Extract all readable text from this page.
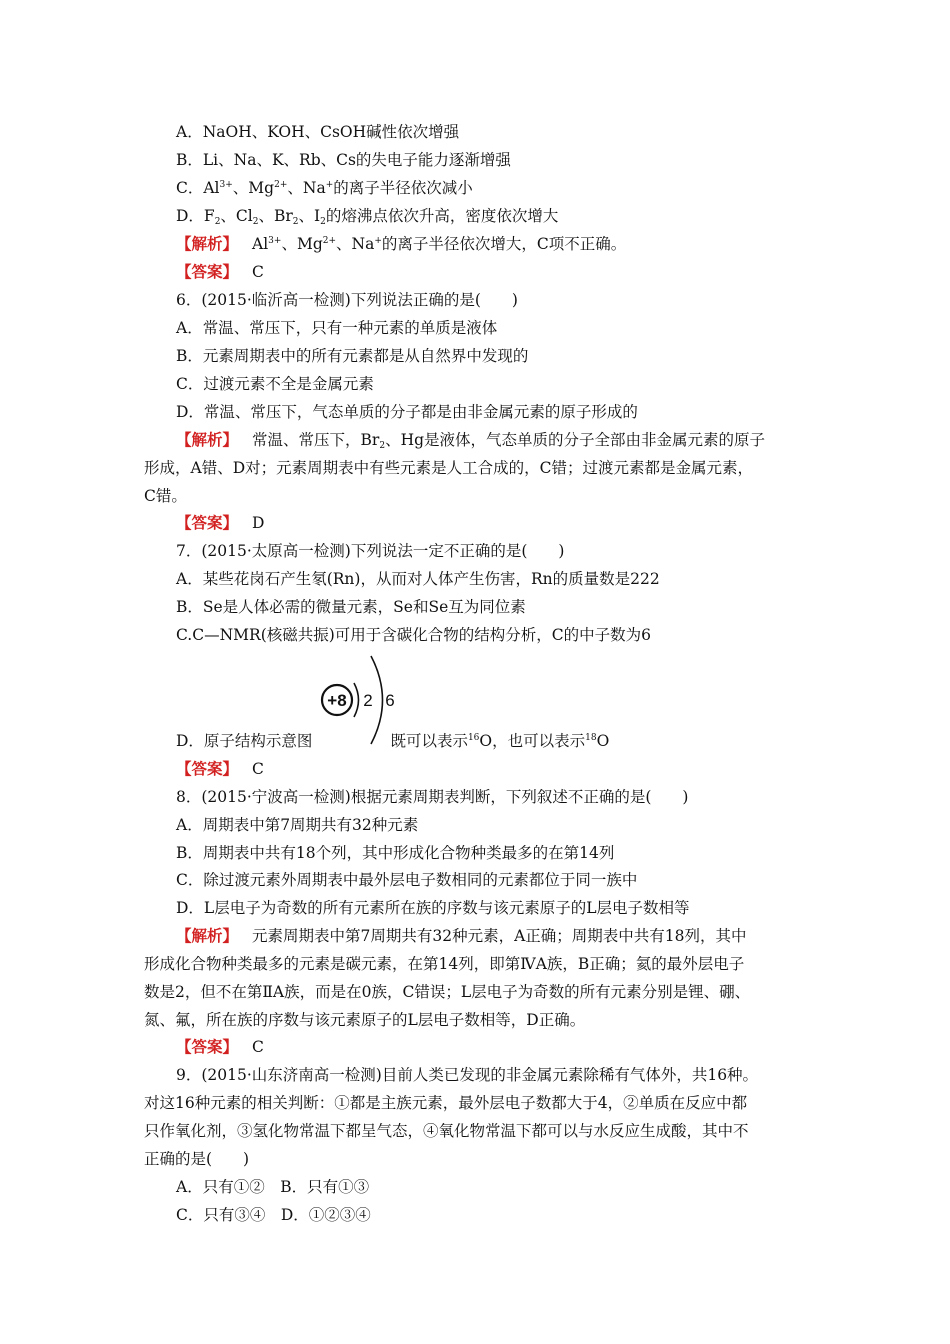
A．NaOH、KOH、CsOH碱性依次增强
B．Li、Na、K、Rb、Cs的失电子能力逐渐增强
C．$Al^{3+}$、$Mg^{2+}$、Na+的离子半径依次减小
D．$F_2$、$Cl_2$、$Br_2$、$I_2$的熔沸点依次升高，密度依次增大
【解析】 $Al^{3+}$、$Mg^{2+}$、Na+的离子半径依次增大，C项不正确。
【答案】 C
6．(2015·临沂高一检测)下列说法正确的是(　　)
A．常温、常压下，只有一种元素的单质是液体
B．元素周期表中的所有元素都是从自然界中发现的
C．过渡元素不全是金属元素
D．常温、常压下，气态单质的分子都是由非金属元素的原子形成的
【解析】 常温、常压下，$Br_2$、Hg是液体，气态单质的分子全部由非金属元素的原子
形成，A错、D对；元素周期表中有些元素是人工合成的，C错；过渡元素都是金属元素，
C错。
【答案】 D
7．(2015·太原高一检测)下列说法一定不正确的是(　　)
A．某些花岗石产生氡(Rn)，从而对人体产生伤害，Rn的质量数是222
B．Se是人体必需的微量元素，Se和Se互为同位素
C.C—NMR(核磁共振)可用于含碳化合物的结构分析，C的中子数为6
+8 2 6
D．原子结构示意图	既可以表示$^{16}$O，也可以表示$^{18}$O
【答案】 C
8．(2015·宁波高一检测)根据元素周期表判断，下列叙述不正确的是(　　)
A．周期表中第7周期共有32种元素
B．周期表中共有18个列，其中形成化合物种类最多的在第14列
C．除过渡元素外周期表中最外层电子数相同的元素都位于同一族中
D．L层电子为奇数的所有元素所在族的序数与该元素原子的L层电子数相等
【解析】 元素周期表中第7周期共有32种元素，A正确；周期表中共有18列，其中
形成化合物种类最多的元素是碳元素，在第14列，即第ⅣA族，B正确；氦的最外层电子
数是2，但不在第ⅡA族，而是在0族，C错误；L层电子为奇数的所有元素分别是锂、硼、
氮、氟，所在族的序数与该元素原子的L层电子数相等，D正确。
【答案】 C
9．(2015·山东济南高一检测)目前人类已发现的非金属元素除稀有气体外，共16种。
对这16种元素的相关判断：①都是主族元素，最外层电子数都大于4，②单质在反应中都
只作氧化剂，③氢化物常温下都呈气态，④氧化物常温下都可以与水反应生成酸，其中不
正确的是(　　)
A．只有①②　B．只有①③
C．只有③④　D．①②③④
